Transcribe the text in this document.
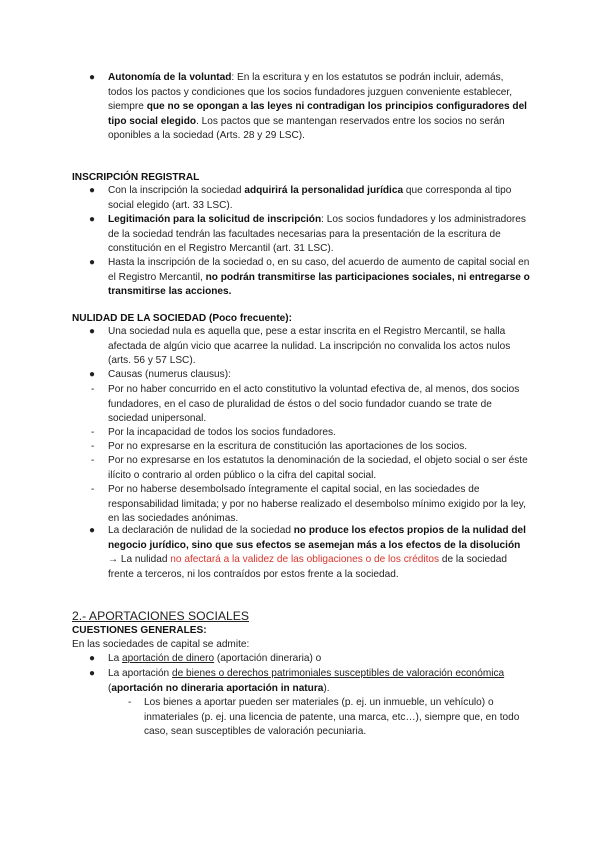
● Autonomía de la voluntad: En la escritura y en los estatutos se podrán incluir, además, todos los pactos y condiciones que los socios fundadores juzguen conveniente establecer, siempre que no se opongan a las leyes ni contradigan los principios configuradores del tipo social elegido. Los pactos que se mantengan reservados entre los socios no serán oponibles a la sociedad (Arts. 28 y 29 LSC).
INSCRIPCIÓN REGISTRAL
● Con la inscripción la sociedad adquirirá la personalidad jurídica que corresponda al tipo social elegido (art. 33 LSC).
● Legitimación para la solicitud de inscripción: Los socios fundadores y los administradores de la sociedad tendrán las facultades necesarias para la presentación de la escritura de constitución en el Registro Mercantil (art. 31 LSC).
● Hasta la inscripción de la sociedad o, en su caso, del acuerdo de aumento de capital social en el Registro Mercantil, no podrán transmitirse las participaciones sociales, ni entregarse o transmitirse las acciones.
NULIDAD DE LA SOCIEDAD (Poco frecuente):
● Una sociedad nula es aquella que, pese a estar inscrita en el Registro Mercantil, se halla afectada de algún vicio que acarree la nulidad. La inscripción no convalida los actos nulos (arts. 56 y 57 LSC).
● Causas (numerus clausus):
- Por no haber concurrido en el acto constitutivo la voluntad efectiva de, al menos, dos socios fundadores, en el caso de pluralidad de éstos o del socio fundador cuando se trate de sociedad unipersonal.
- Por la incapacidad de todos los socios fundadores.
- Por no expresarse en la escritura de constitución las aportaciones de los socios.
- Por no expresarse en los estatutos la denominación de la sociedad, el objeto social o ser éste ilícito o contrario al orden público o la cifra del capital social.
- Por no haberse desembolsado íntegramente el capital social, en las sociedades de responsabilidad limitada; y por no haberse realizado el desembolso mínimo exigido por la ley, en las sociedades anónimas.
● La declaración de nulidad de la sociedad no produce los efectos propios de la nulidad del negocio jurídico, sino que sus efectos se asemejan más a los efectos de la disolución → La nulidad no afectará a la validez de las obligaciones o de los créditos de la sociedad frente a terceros, ni los contraídos por estos frente a la sociedad.
2.- APORTACIONES SOCIALES
CUESTIONES GENERALES:
En las sociedades de capital se admite:
● La aportación de dinero (aportación dineraria) o
● La aportación de bienes o derechos patrimoniales susceptibles de valoración económica (aportación no dineraria aportación in natura).
- Los bienes a aportar pueden ser materiales (p. ej. un inmueble, un vehículo) o inmateriales (p. ej. una licencia de patente, una marca, etc…), siempre que, en todo caso, sean susceptibles de valoración pecuniaria.
